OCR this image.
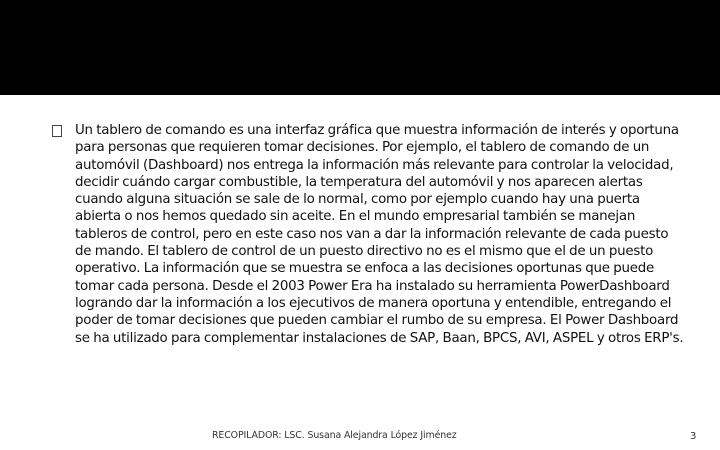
Un tablero de comando es una interfaz gráfica que muestra información de interés y oportuna para personas que requieren tomar decisiones. Por ejemplo, el tablero de comando de un automóvil (Dashboard) nos entrega la información más relevante para controlar la velocidad, decidir cuándo cargar combustible, la temperatura del automóvil y nos aparecen alertas cuando alguna situación se sale de lo normal, como por ejemplo cuando hay una puerta abierta o nos hemos quedado sin aceite. En el mundo empresarial también se manejan tableros de control, pero en este caso nos van a dar la información relevante de cada puesto de mando. El tablero de control de un puesto directivo no es el mismo que el de un puesto operativo. La información que se muestra se enfoca a las decisiones oportunas que puede tomar cada persona. Desde el 2003 Power Era ha instalado su herramienta PowerDashboard logrando dar la información a los ejecutivos de manera oportuna y entendible, entregando el poder de tomar decisiones que pueden cambiar el rumbo de su empresa. El Power Dashboard se ha utilizado para complementar instalaciones de SAP, Baan, BPCS, AVI, ASPEL y otros ERP's.

RECOPILADOR: LSC. Susana Alejandra López Jiménez	3
